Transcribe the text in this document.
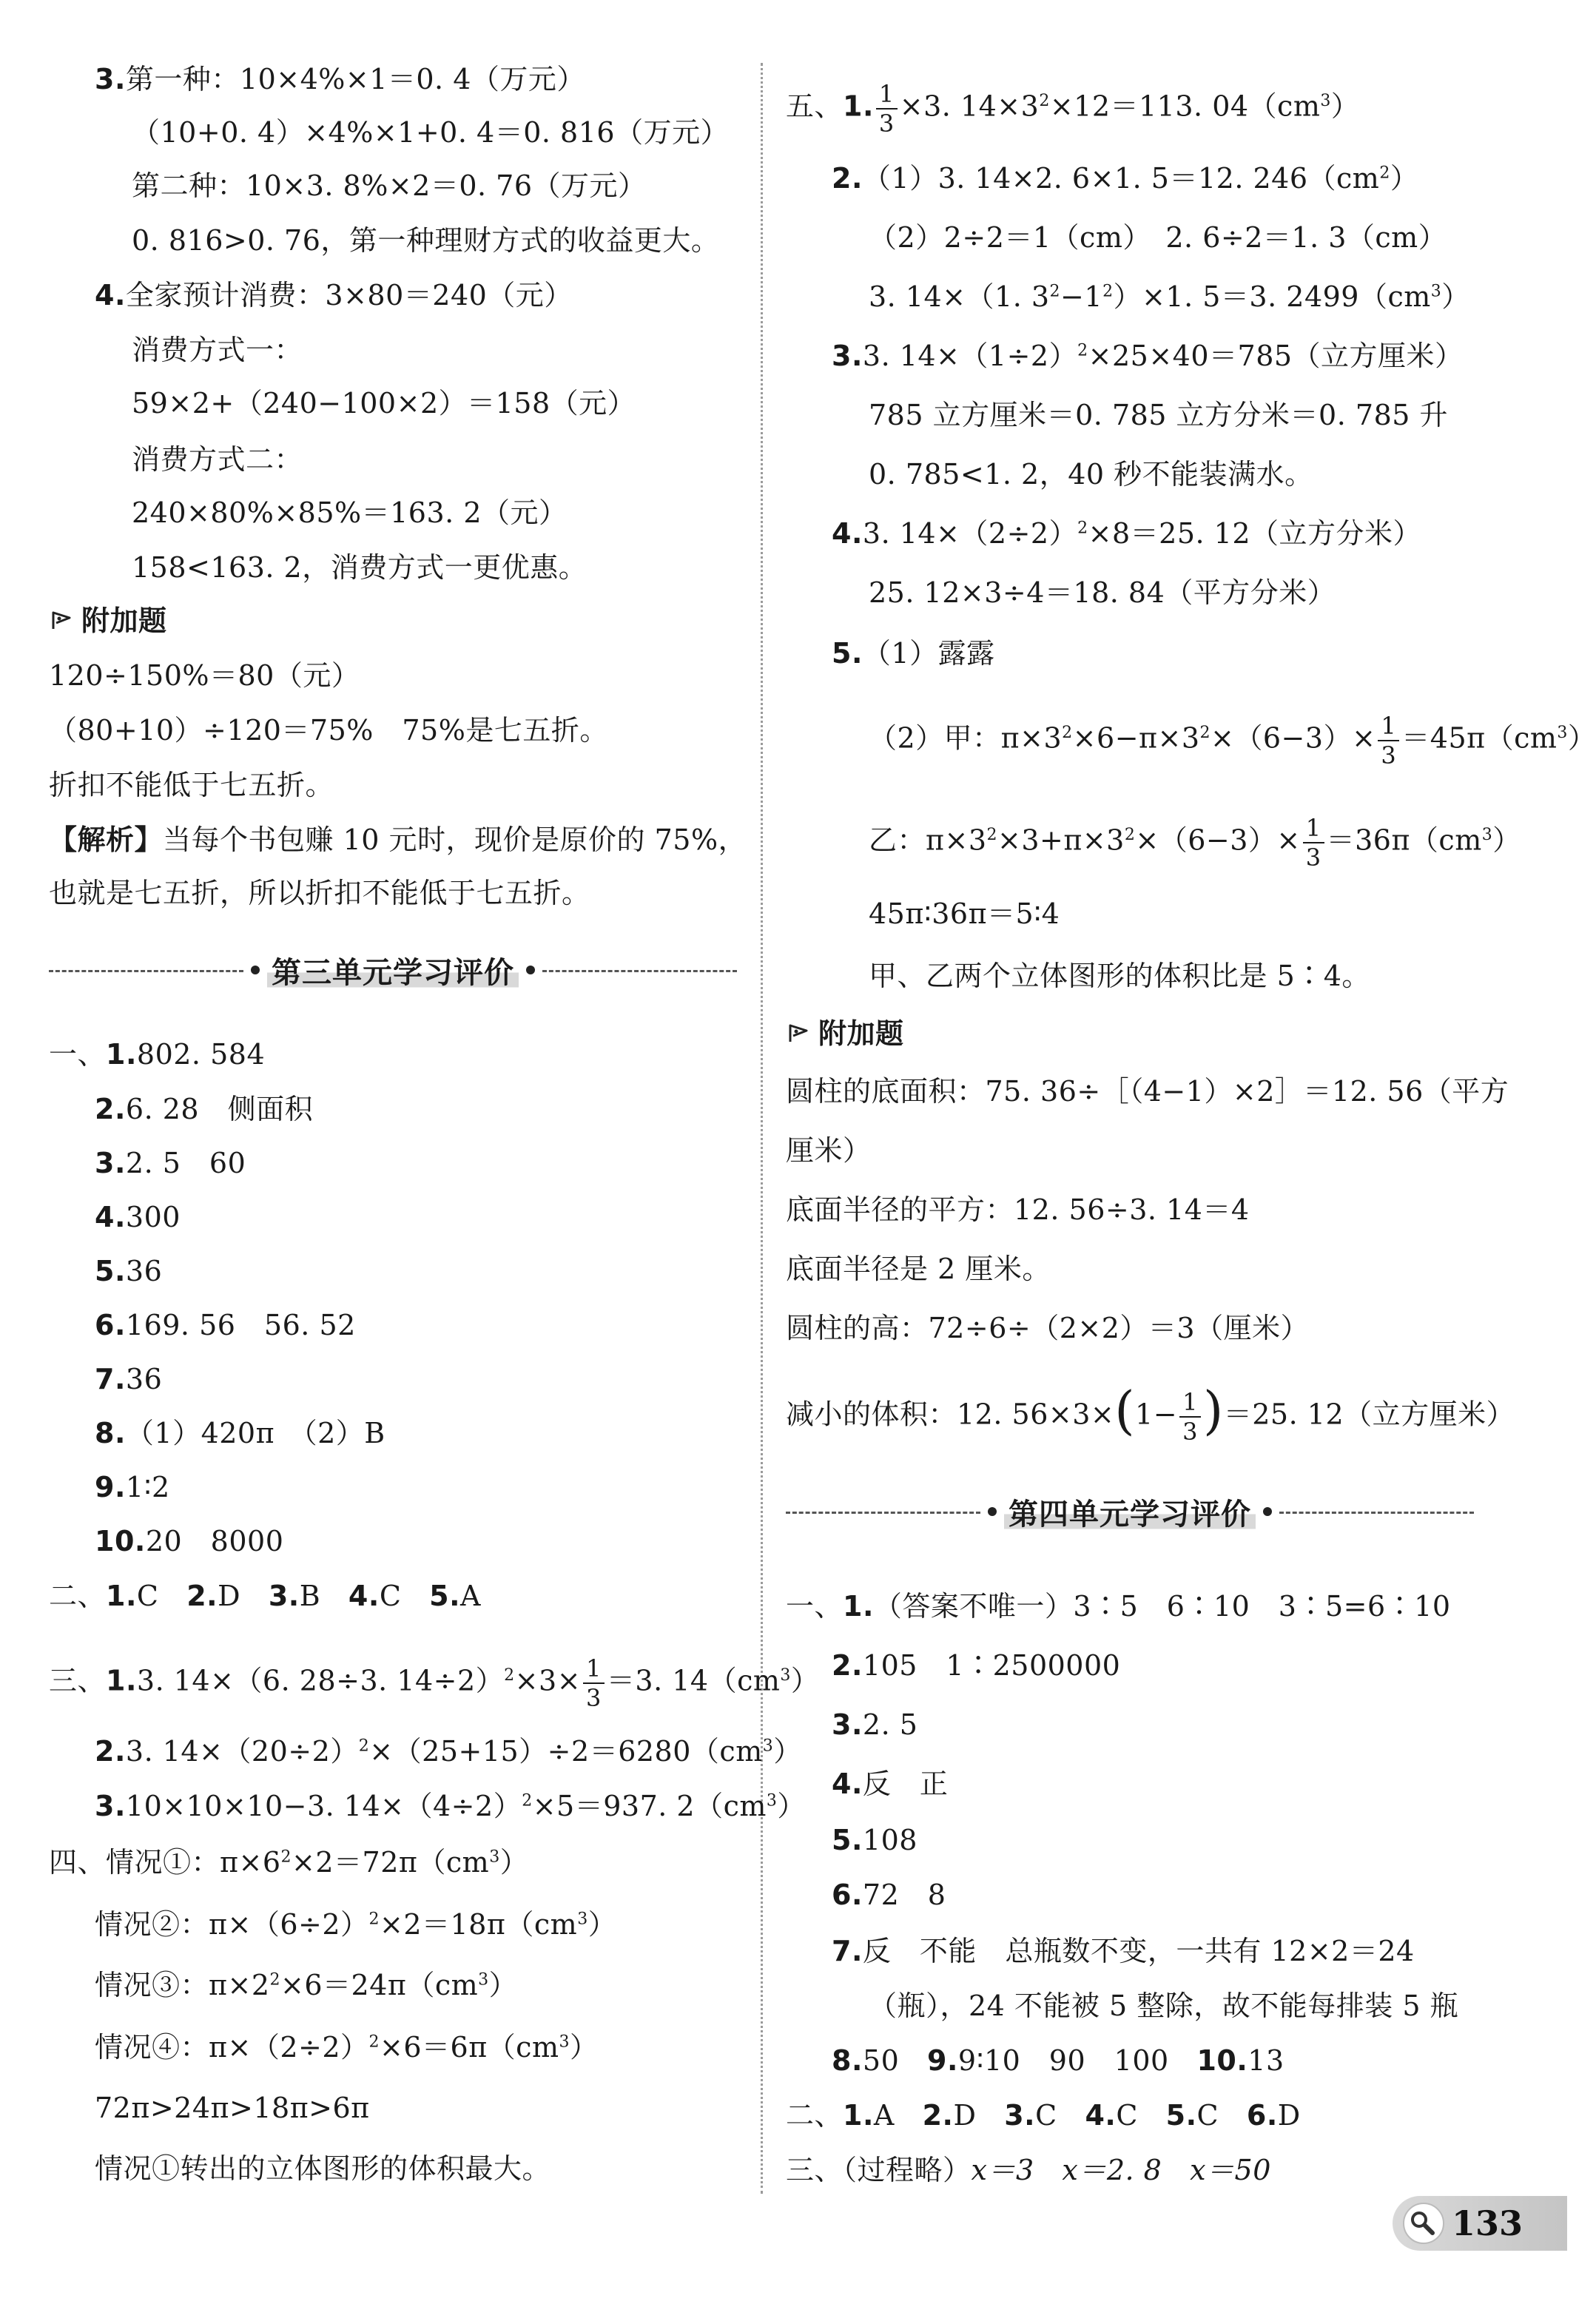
3.第一种：10×4%×1＝0. 4（万元）
（10+0. 4）×4%×1+0. 4＝0. 816（万元）
第二种：10×3. 8%×2＝0. 76（万元）
0. 816>0. 76，第一种理财方式的收益更大。
4.全家预计消费：3×80＝240（元）
消费方式一：
59×2+（240−100×2）＝158（元）
消费方式二：
240×80%×85%＝163. 2（元）
158<163. 2，消费方式一更优惠。
附加题
120÷150%＝80（元）
（80+10）÷120＝75%　75%是七五折。
折扣不能低于七五折。
【解析】当每个书包赚 10 元时，现价是原价的 75%，
也就是七五折，所以折扣不能低于七五折。
第三单元学习评价
一、1.802. 584
2.6. 28　侧面积
3.2. 5　60
4.300
5.36
6.169. 56　56. 52
7.36
8.（1）420π　（2）B
9.1∶2
10.20　8000
二、1.C 2.D 3.B 4.C 5.A
三、1.3. 14×（6. 28÷3. $14\div 2)^2\times 3\times \frac{1}{3} =3$. $14(cm^3)$
2.3. $14\times(20\div 2)^2\times(25+15)\div 2=6280(cm^3)$
3.10×10×10−3. $14\times(4\div 2)^2\times 5=937$. $2(cm^3)$
四、情况①：$\pi\times 6^2\times 2=72\pi(cm^3)$
情况②：$\pi\times(6\div 2)^2\times 2=18\pi(cm^3)$
情况③：$\pi\times 2^2\times 6=24\pi(cm^3)$
情况④：$\pi\times(2\div 2)^2\times 6=6\pi(cm^3)$
72π>24π>18π>6π
情况①转出的立体图形的体积最大。
五、1. $\frac{1}{3} \times 3$. $14\times 3^2\times 12=113$. $04(cm^3)$
2.（1）3. 14×2. 6×1. 5＝12. $246(cm^2)$
（2）2÷2＝1（cm）　2. 6÷2＝1. 3（cm）
3. 14×（1. $3^2-1^2)\times 1$. 5＝3. $2499(cm^3)$
3.3. $14\times(1\div 2)^2\times 25\times 40=785$（立方厘米）
785 立方厘米＝0. 785 立方分米＝0. 785 升
0. 785<1. 2，40 秒不能装满水。
4.3. $14\times(2\div 2)^2\times 8=25$. 12（立方分米）
25. 12×3÷4＝18. 84（平方分米）
5.（1）露露
（2）甲：$\pi\times 3^2\times 6-\pi\times 3^2\times(6-3)\times \frac{1}{3} =45\pi(cm^3)$
乙：$\pi\times 3^2\times 3+\pi\times 3^2\times(6-3)\times \frac{1}{3} =36\pi(cm^3)$
45π∶36π＝5∶4
甲、乙两个立体图形的体积比是 5∶4。
附加题
圆柱的底面积：75. 36÷［（4−1）×2］＝12. 56（平方
厘米）
底面半径的平方：12. 56÷3. 14＝4
底面半径是 2 厘米。
圆柱的高：72÷6÷（2×2）＝3（厘米）
减小的体积：12. $56\times 3\times(1- \frac{1}{3} )=25$. 12（立方厘米）
第四单元学习评价
一、1.（答案不唯一）3∶5　6∶10　3∶5=6∶10
2.105　1∶2500000
3.2. 5
4.反　正
5.108
6.72　8
7.反　不能　总瓶数不变，一共有 12×2＝24
（瓶），24 不能被 5 整除，故不能每排装 5 瓶
8.50 9.9∶10　90　100 10.13
二、1.A 2.D 3.C 4.C 5.C 6.D
三、（过程略）x＝3 x＝2. 8 x＝50
133
